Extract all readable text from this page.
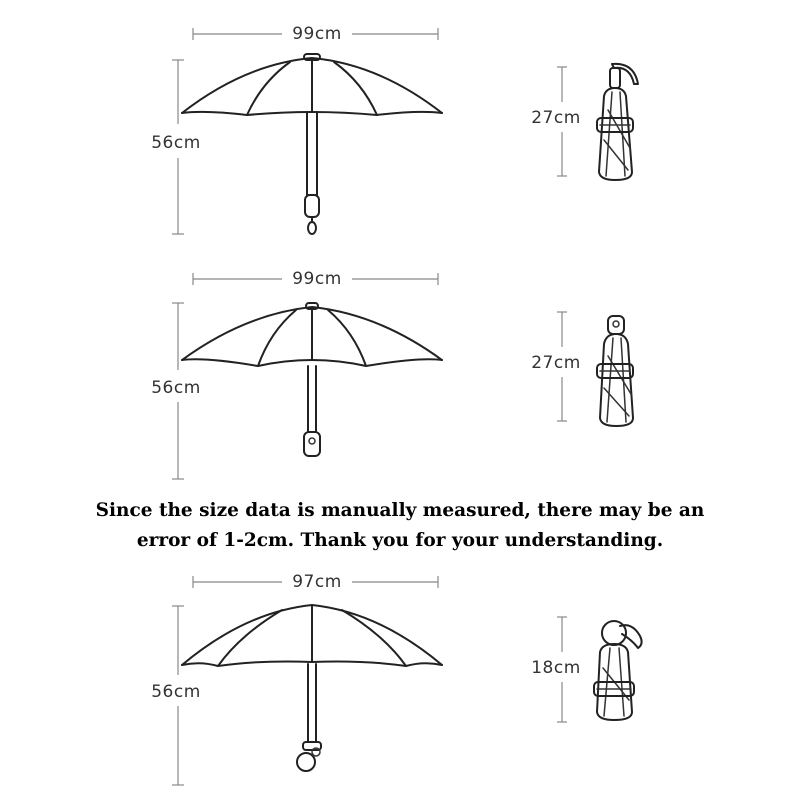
99cm
56cm
27cm
99cm
56cm
27cm
97cm
56cm
18cm
Since the size data is manually measured, there may be an
error of 1-2cm. Thank you for your understanding.
